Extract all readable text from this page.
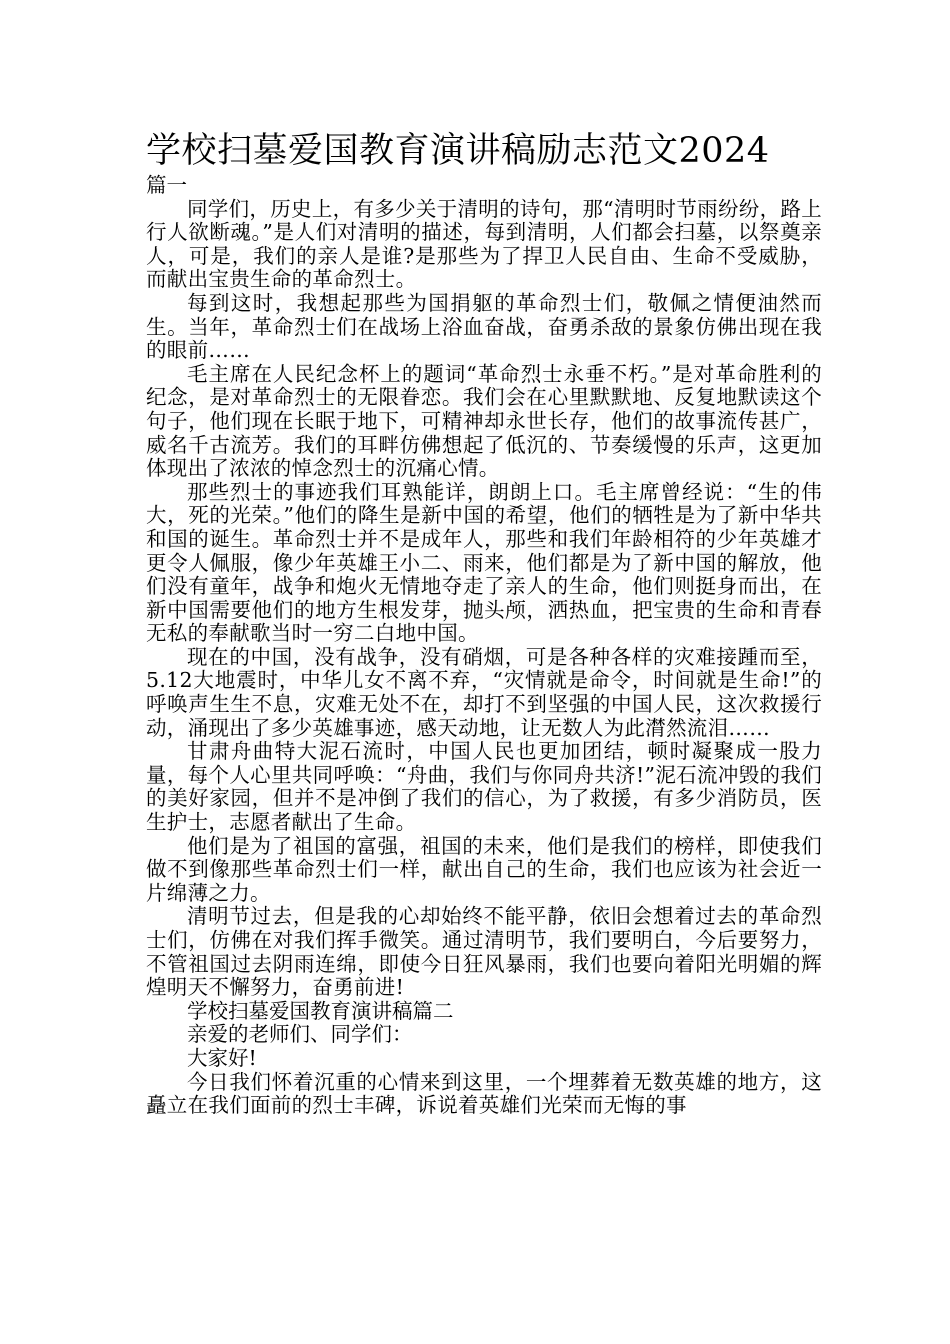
学校扫墓爱国教育演讲稿励志范文2024

篇一

同学们，历史上，有多少关于清明的诗句，那“清明时节雨纷纷，路上行人欲断魂。”是人们对清明的描述，每到清明，人们都会扫墓，以祭奠亲人，可是，我们的亲人是谁?是那些为了捍卫人民自由、生命不受威胁，而献出宝贵生命的革命烈士。

每到这时，我想起那些为国捐躯的革命烈士们，敬佩之情便油然而生。当年，革命烈士们在战场上浴血奋战，奋勇杀敌的景象仿佛出现在我的眼前……

毛主席在人民纪念杯上的题词“革命烈士永垂不朽。”是对革命胜利的纪念，是对革命烈士的无限眷恋。我们会在心里默默地、反复地默读这个句子，他们现在长眠于地下，可精神却永世长存，他们的故事流传甚广，威名千古流芳。我们的耳畔仿佛想起了低沉的、节奏缓慢的乐声，这更加体现出了浓浓的悼念烈士的沉痛心情。

那些烈士的事迹我们耳熟能详，朗朗上口。毛主席曾经说：“生的伟大，死的光荣。”他们的降生是新中国的希望，他们的牺牲是为了新中华共和国的诞生。革命烈士并不是成年人，那些和我们年龄相符的少年英雄才更令人佩服，像少年英雄王小二、雨来，他们都是为了新中国的解放，他们没有童年，战争和炮火无情地夺走了亲人的生命，他们则挺身而出，在新中国需要他们的地方生根发芽，抛头颅，洒热血，把宝贵的生命和青春无私的奉献歌当时一穷二白地中国。

现在的中国，没有战争，没有硝烟，可是各种各样的灾难接踵而至，5.12大地震时，中华儿女不离不弃，“灾情就是命令，时间就是生命!”的呼唤声生生不息，灾难无处不在，却打不到坚强的中国人民，这次救援行动，涌现出了多少英雄事迹，感天动地，让无数人为此潸然流泪……

甘肃舟曲特大泥石流时，中国人民也更加团结，顿时凝聚成一股力量，每个人心里共同呼唤：“舟曲，我们与你同舟共济!”泥石流冲毁的我们的美好家园，但并不是冲倒了我们的信心，为了救援，有多少消防员，医生护士，志愿者献出了生命。

他们是为了祖国的富强，祖国的未来，他们是我们的榜样，即使我们做不到像那些革命烈士们一样，献出自己的生命，我们也应该为社会近一片绵薄之力。

清明节过去，但是我的心却始终不能平静，依旧会想着过去的革命烈士们，仿佛在对我们挥手微笑。通过清明节，我们要明白，今后要努力，不管祖国过去阴雨连绵，即使今日狂风暴雨，我们也要向着阳光明媚的辉煌明天不懈努力，奋勇前进!

学校扫墓爱国教育演讲稿篇二

亲爱的老师们、同学们：

大家好!

今日我们怀着沉重的心情来到这里，一个埋葬着无数英雄的地方，这矗立在我们面前的烈士丰碑，诉说着英雄们光荣而无悔的事
